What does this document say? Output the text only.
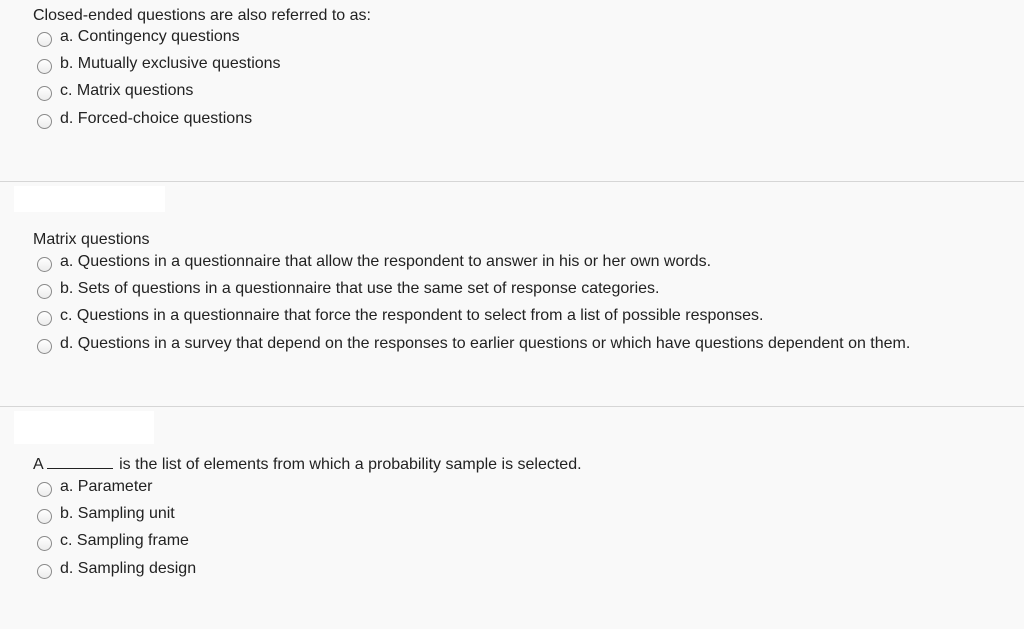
Closed-ended questions are also referred to as:
a. Contingency questions
b. Mutually exclusive questions
c. Matrix questions
d. Forced-choice questions
Matrix questions
a. Questions in a questionnaire that allow the respondent to answer in his or her own words.
b. Sets of questions in a questionnaire that use the same set of response categories.
c. Questions in a questionnaire that force the respondent to select from a list of possible responses.
d. Questions in a survey that depend on the responses to earlier questions or which have questions dependent on them.
A	is the list of elements from which a probability sample is selected.
a. Parameter
b. Sampling unit
c. Sampling frame
d. Sampling design
